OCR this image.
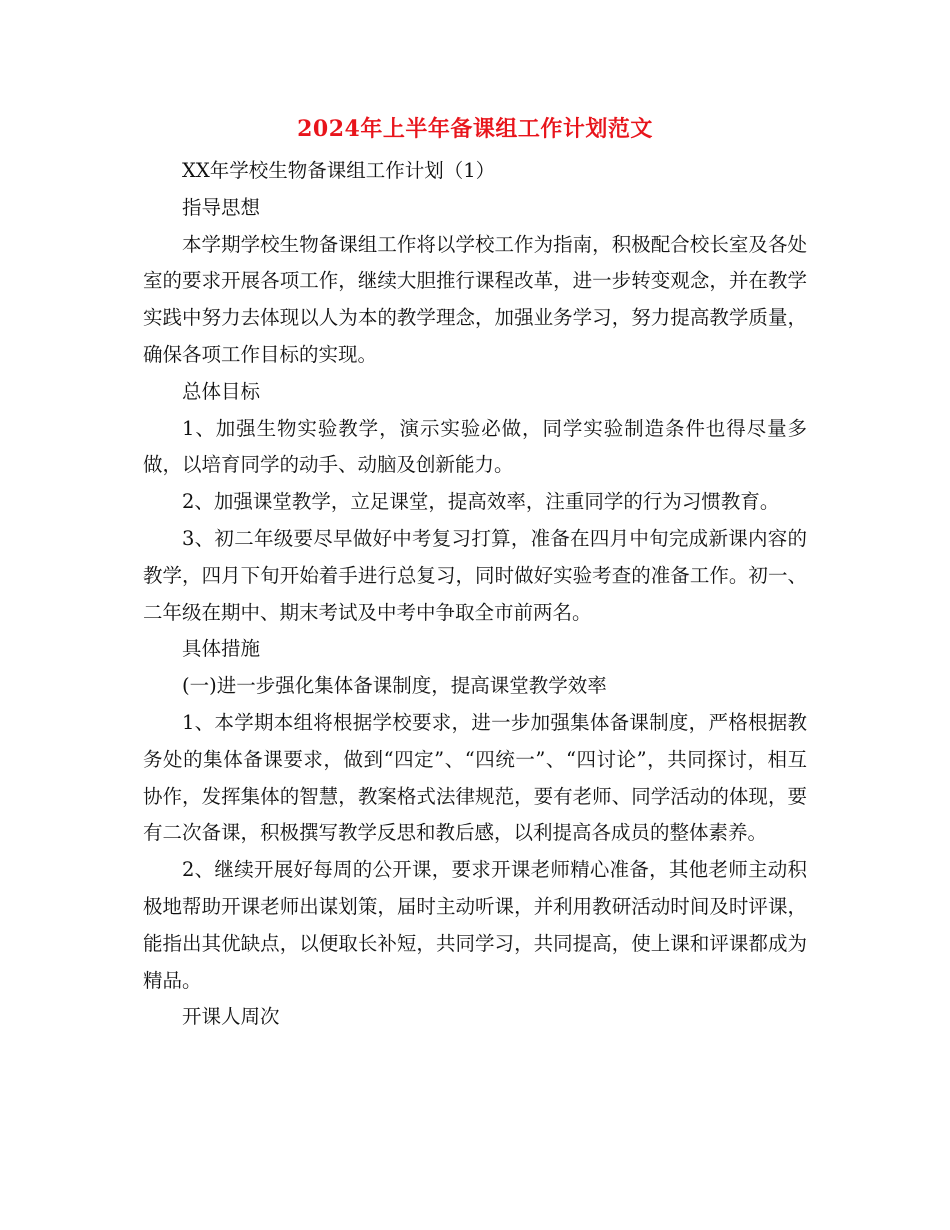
2024年上半年备课组工作计划范文

XX年学校生物备课组工作计划（1）

指导思想

本学期学校生物备课组工作将以学校工作为指南，积极配合校长室及各处室的要求开展各项工作，继续大胆推行课程改革，进一步转变观念，并在教学实践中努力去体现以人为本的教学理念，加强业务学习，努力提高教学质量，确保各项工作目标的实现。

总体目标

1、加强生物实验教学，演示实验必做，同学实验制造条件也得尽量多做，以培育同学的动手、动脑及创新能力。

2、加强课堂教学，立足课堂，提高效率，注重同学的行为习惯教育。

3、初二年级要尽早做好中考复习打算，准备在四月中旬完成新课内容的教学，四月下旬开始着手进行总复习，同时做好实验考查的准备工作。初一、二年级在期中、期末考试及中考中争取全市前两名。

具体措施

(一)进一步强化集体备课制度，提高课堂教学效率

1、本学期本组将根据学校要求，进一步加强集体备课制度，严格根据教务处的集体备课要求，做到“四定”、“四统一”、“四讨论”，共同探讨，相互协作，发挥集体的智慧，教案格式法律规范，要有老师、同学活动的体现，要有二次备课，积极撰写教学反思和教后感，以利提高各成员的整体素养。

2、继续开展好每周的公开课，要求开课老师精心准备，其他老师主动积极地帮助开课老师出谋划策，届时主动听课，并利用教研活动时间及时评课，能指出其优缺点，以便取长补短，共同学习，共同提高，使上课和评课都成为精品。

开课人周次
